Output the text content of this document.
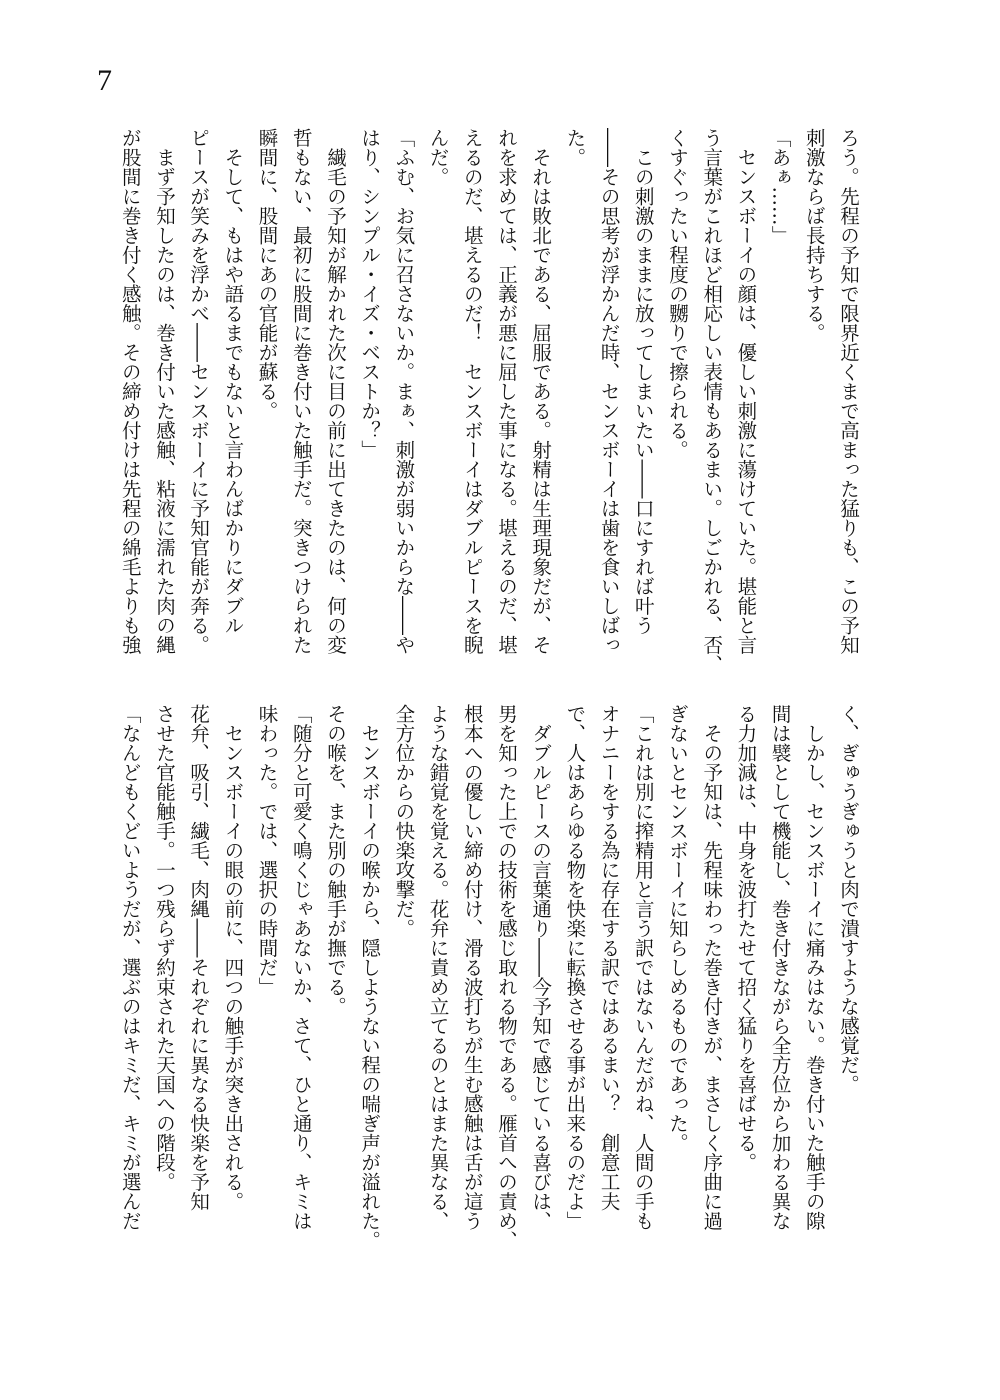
7
ろう。先程の予知で限界近くまで高まった猛りも、この予知
刺激ならば長持ちする。
「あぁ……」
　センスボーイの顔は、優しい刺激に蕩けていた。堪能と言
う言葉がこれほど相応しい表情もあるまい。しごかれる、否、
くすぐったい程度の嬲りで擦られる。
　この刺激のままに放ってしまいたい――口にすれば叶う
――その思考が浮かんだ時、センスボーイは歯を食いしばっ
た。
　それは敗北である、屈服である。射精は生理現象だが、そ
れを求めては、正義が悪に屈した事になる。堪えるのだ、堪
えるのだ、堪えるのだ！　センスボーイはダブルピースを睨
んだ。
「ふむ、お気に召さないか。まぁ、刺激が弱いからな――や
はり、シンプル・イズ・ベストか？」
　繊毛の予知が解かれた次に目の前に出てきたのは、何の変
哲もない、最初に股間に巻き付いた触手だ。突きつけられた
瞬間に、股間にあの官能が蘇る。
　そして、もはや語るまでもないと言わんばかりにダブル
ピースが笑みを浮かべ――センスボーイに予知官能が奔る。
　まず予知したのは、巻き付いた感触、粘液に濡れた肉の縄
が股間に巻き付く感触。その締め付けは先程の綿毛よりも強
く、ぎゅうぎゅうと肉で潰すような感覚だ。
　しかし、センスボーイに痛みはない。巻き付いた触手の隙
間は襞として機能し、巻き付きながら全方位から加わる異な
る力加減は、中身を波打たせて招く猛りを喜ばせる。
　その予知は、先程味わった巻き付きが、まさしく序曲に過
ぎないとセンスボーイに知らしめるものであった。
「これは別に搾精用と言う訳ではないんだがね、人間の手も
オナニーをする為に存在する訳ではあるまい？　創意工夫
で、人はあらゆる物を快楽に転換させる事が出来るのだよ」
　ダブルピースの言葉通り――今予知で感じている喜びは、
男を知った上での技術を感じ取れる物である。雁首への責め、
根本への優しい締め付け、滑る波打ちが生む感触は舌が這う
ような錯覚を覚える。花弁に責め立てるのとはまた異なる、
全方位からの快楽攻撃だ。
　センスボーイの喉から、隠しようない程の喘ぎ声が溢れた。
その喉を、また別の触手が撫でる。
「随分と可愛く鳴くじゃあないか、さて、ひと通り、キミは
味わった。では、選択の時間だ」
　センスボーイの眼の前に、四つの触手が突き出される。
花弁、吸引、繊毛、肉縄――それぞれに異なる快楽を予知
させた官能触手。一つ残らず約束された天国への階段。
「なんどもくどいようだが、選ぶのはキミだ、キミが選んだ
